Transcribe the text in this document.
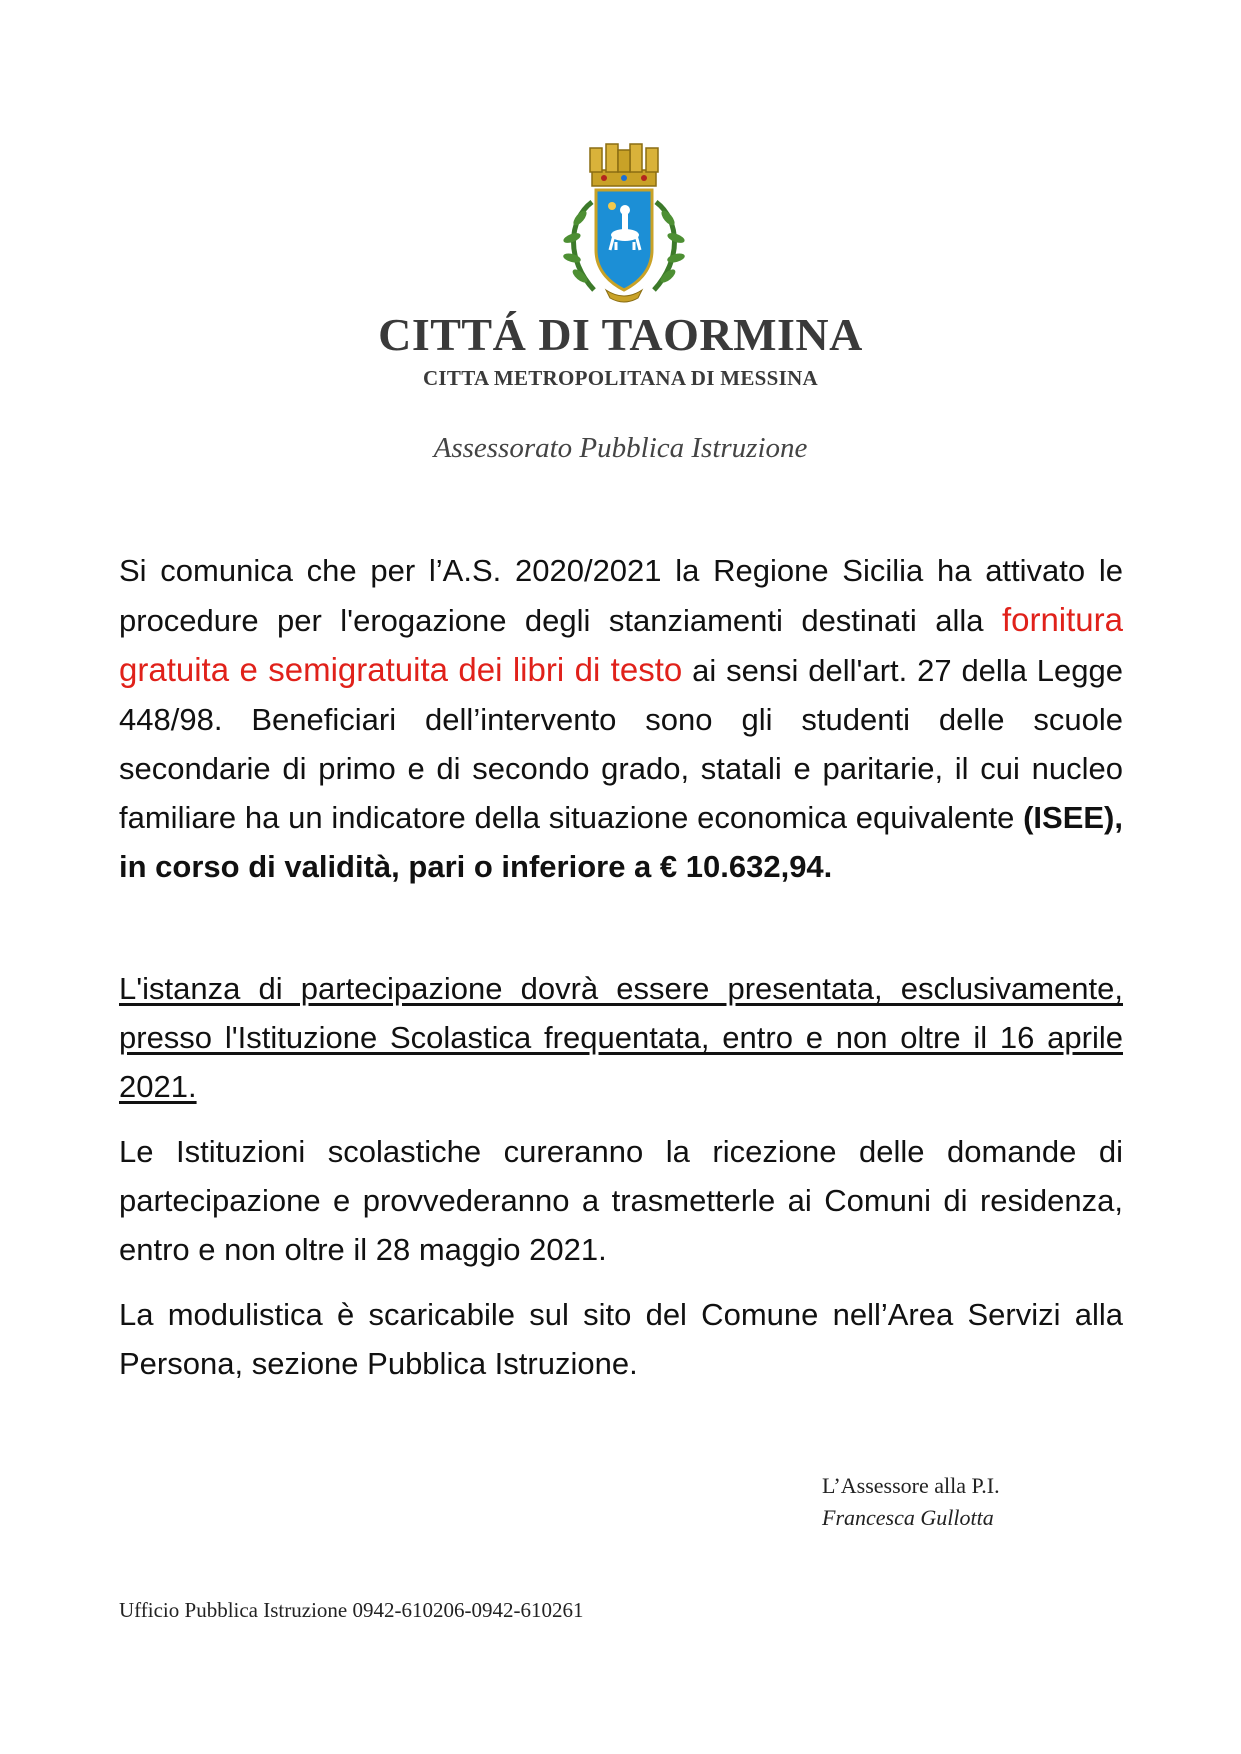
CITTÁ DI TAORMINA
CITTA METROPOLITANA DI MESSINA
Assessorato Pubblica Istruzione

Si comunica che per l’A.S. 2020/2021 la Regione Sicilia ha attivato le procedure per l'erogazione degli stanziamenti destinati alla fornitura gratuita e semigratuita dei libri di testo ai sensi dell'art. 27 della Legge 448/98. Beneficiari dell’intervento sono gli studenti delle scuole secondarie di primo e di secondo grado, statali e paritarie, il cui nucleo familiare ha un indicatore della situazione economica equivalente (ISEE), in corso di validità, pari o inferiore a € 10.632,94.

L'istanza di partecipazione dovrà essere presentata, esclusivamente, presso l'Istituzione Scolastica frequentata, entro e non oltre il 16 aprile 2021.

Le Istituzioni scolastiche cureranno la ricezione delle domande di partecipazione e provvederanno a trasmetterle ai Comuni di residenza, entro e non oltre il 28 maggio 2021.

La modulistica è scaricabile sul sito del Comune nell’Area Servizi alla Persona, sezione Pubblica Istruzione.

L’Assessore alla P.I.
Francesca Gullotta
Ufficio Pubblica Istruzione 0942-610206-0942-610261
